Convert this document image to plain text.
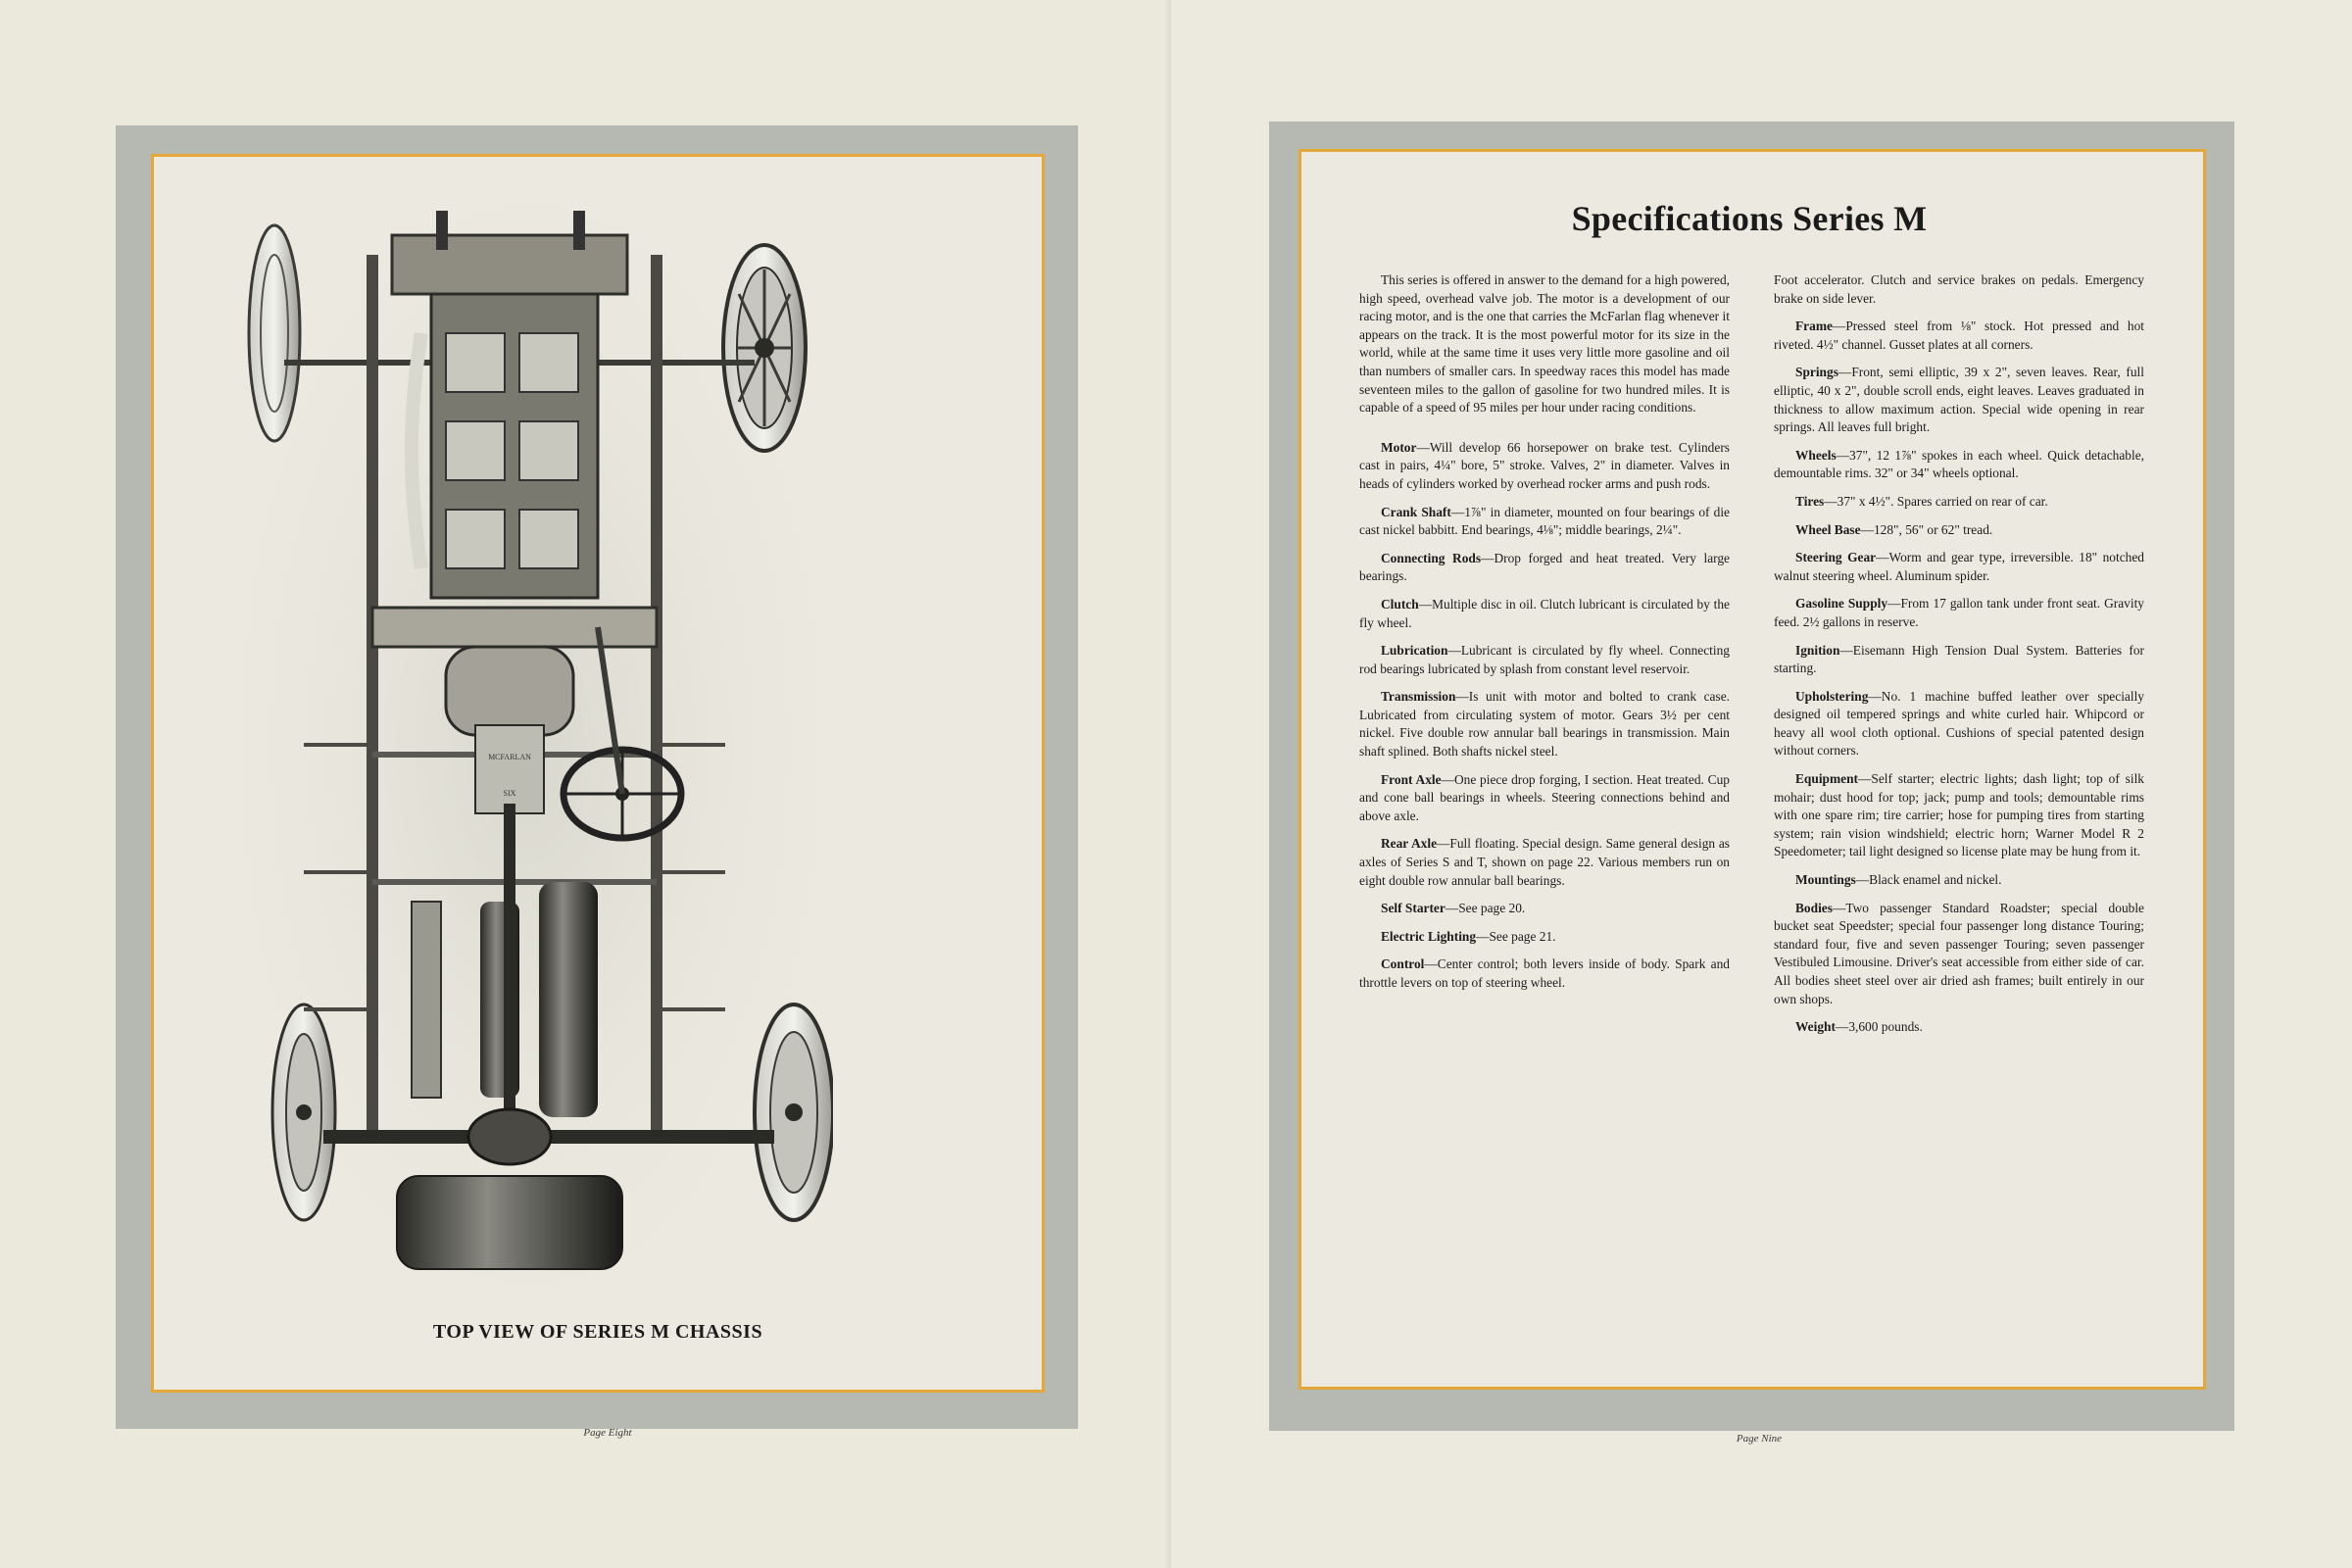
MCFARLAN
SIX
TOP VIEW OF SERIES M CHASSIS
Page Eight
Specifications Series M

This series is offered in answer to the demand for a high powered, high speed, overhead valve job. The motor is a development of our racing motor, and is the one that carries the McFarlan flag whenever it appears on the track. It is the most powerful motor for its size in the world, while at the same time it uses very little more gasoline and oil than numbers of smaller cars. In speedway races this model has made seventeen miles to the gallon of gasoline for two hundred miles. It is capable of a speed of 95 miles per hour under racing conditions.

Motor—Will develop 66 horsepower on brake test. Cylinders cast in pairs, 4¼" bore, 5" stroke. Valves, 2" in diameter. Valves in heads of cylinders worked by overhead rocker arms and push rods.

Crank Shaft—1⅞" in diameter, mounted on four bearings of die cast nickel babbitt. End bearings, 4⅛"; middle bearings, 2¼".

Connecting Rods—Drop forged and heat treated. Very large bearings.

Clutch—Multiple disc in oil. Clutch lubricant is circulated by the fly wheel.

Lubrication—Lubricant is circulated by fly wheel. Connecting rod bearings lubricated by splash from constant level reservoir.

Transmission—Is unit with motor and bolted to crank case. Lubricated from circulating system of motor. Gears 3½ per cent nickel. Five double row annular ball bearings in transmission. Main shaft splined. Both shafts nickel steel.

Front Axle—One piece drop forging, I section. Heat treated. Cup and cone ball bearings in wheels. Steering connections behind and above axle.

Rear Axle—Full floating. Special design. Same general design as axles of Series S and T, shown on page 22. Various members run on eight double row annular ball bearings.

Self Starter—See page 20.

Electric Lighting—See page 21.

Control—Center control; both levers inside of body. Spark and throttle levers on top of steering wheel.

Foot accelerator. Clutch and service brakes on pedals. Emergency brake on side lever.

Frame—Pressed steel from ⅛" stock. Hot pressed and hot riveted. 4½" channel. Gusset plates at all corners.

Springs—Front, semi elliptic, 39 x 2", seven leaves. Rear, full elliptic, 40 x 2", double scroll ends, eight leaves. Leaves graduated in thickness to allow maximum action. Special wide opening in rear springs. All leaves full bright.

Wheels—37", 12 1⅞" spokes in each wheel. Quick detachable, demountable rims. 32" or 34" wheels optional.

Tires—37" x 4½". Spares carried on rear of car.

Wheel Base—128", 56" or 62" tread.

Steering Gear—Worm and gear type, irreversible. 18" notched walnut steering wheel. Aluminum spider.

Gasoline Supply—From 17 gallon tank under front seat. Gravity feed. 2½ gallons in reserve.

Ignition—Eisemann High Tension Dual System. Batteries for starting.

Upholstering—No. 1 machine buffed leather over specially designed oil tempered springs and white curled hair. Whipcord or heavy all wool cloth optional. Cushions of special patented design without corners.

Equipment—Self starter; electric lights; dash light; top of silk mohair; dust hood for top; jack; pump and tools; demountable rims with one spare rim; tire carrier; hose for pumping tires from starting system; rain vision windshield; electric horn; Warner Model R 2 Speedometer; tail light designed so license plate may be hung from it.

Mountings—Black enamel and nickel.

Bodies—Two passenger Standard Roadster; special double bucket seat Speedster; special four passenger long distance Touring; standard four, five and seven passenger Touring; seven passenger Vestibuled Limousine. Driver's seat accessible from either side of car. All bodies sheet steel over air dried ash frames; built entirely in our own shops.

Weight—3,600 pounds.

Page Nine
